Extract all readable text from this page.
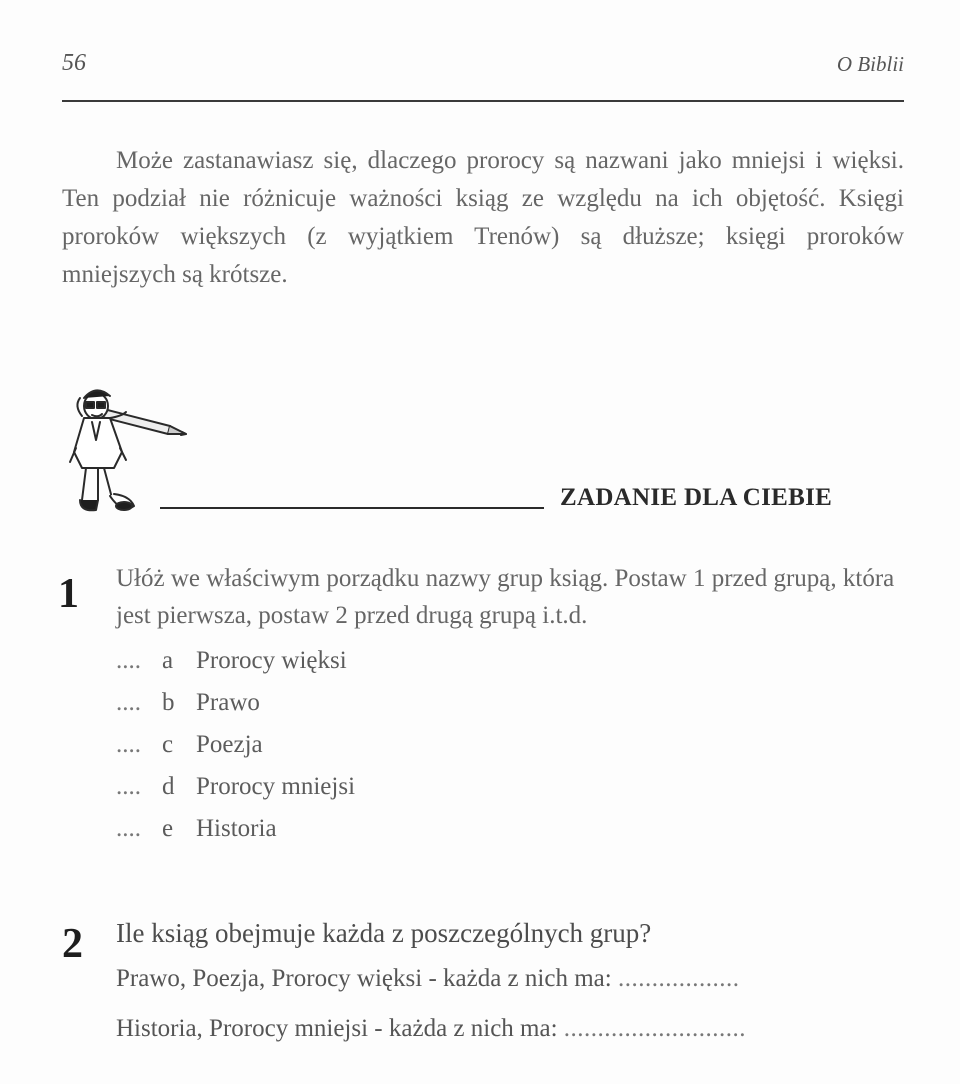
56	O Biblii

Może zastanawiasz się, dlaczego prorocy są nazwani jako mniejsi i więksi. Ten podział nie różnicuje ważności ksiąg ze względu na ich objętość. Księgi proroków większych (z wyjątkiem Trenów) są dłuższe; księgi proroków mniejszych są krótsze.

ZADANIE DLA CIEBIE
1	Ułóż we właściwym porządku nazwy grup ksiąg. Postaw 1 przed grupą, która jest pierwsza, postaw 2 przed drugą grupą i.t.d.

.... a Prorocy więksi
.... b Prawo
.... c Poezja
.... d Prorocy mniejsi
.... e Historia
2	Ile ksiąg obejmuje każda z poszczególnych grup?

Prawo, Poezja, Prorocy więksi - każda z nich ma: ..................
Historia, Prorocy mniejsi - każda z nich ma: ...........................
